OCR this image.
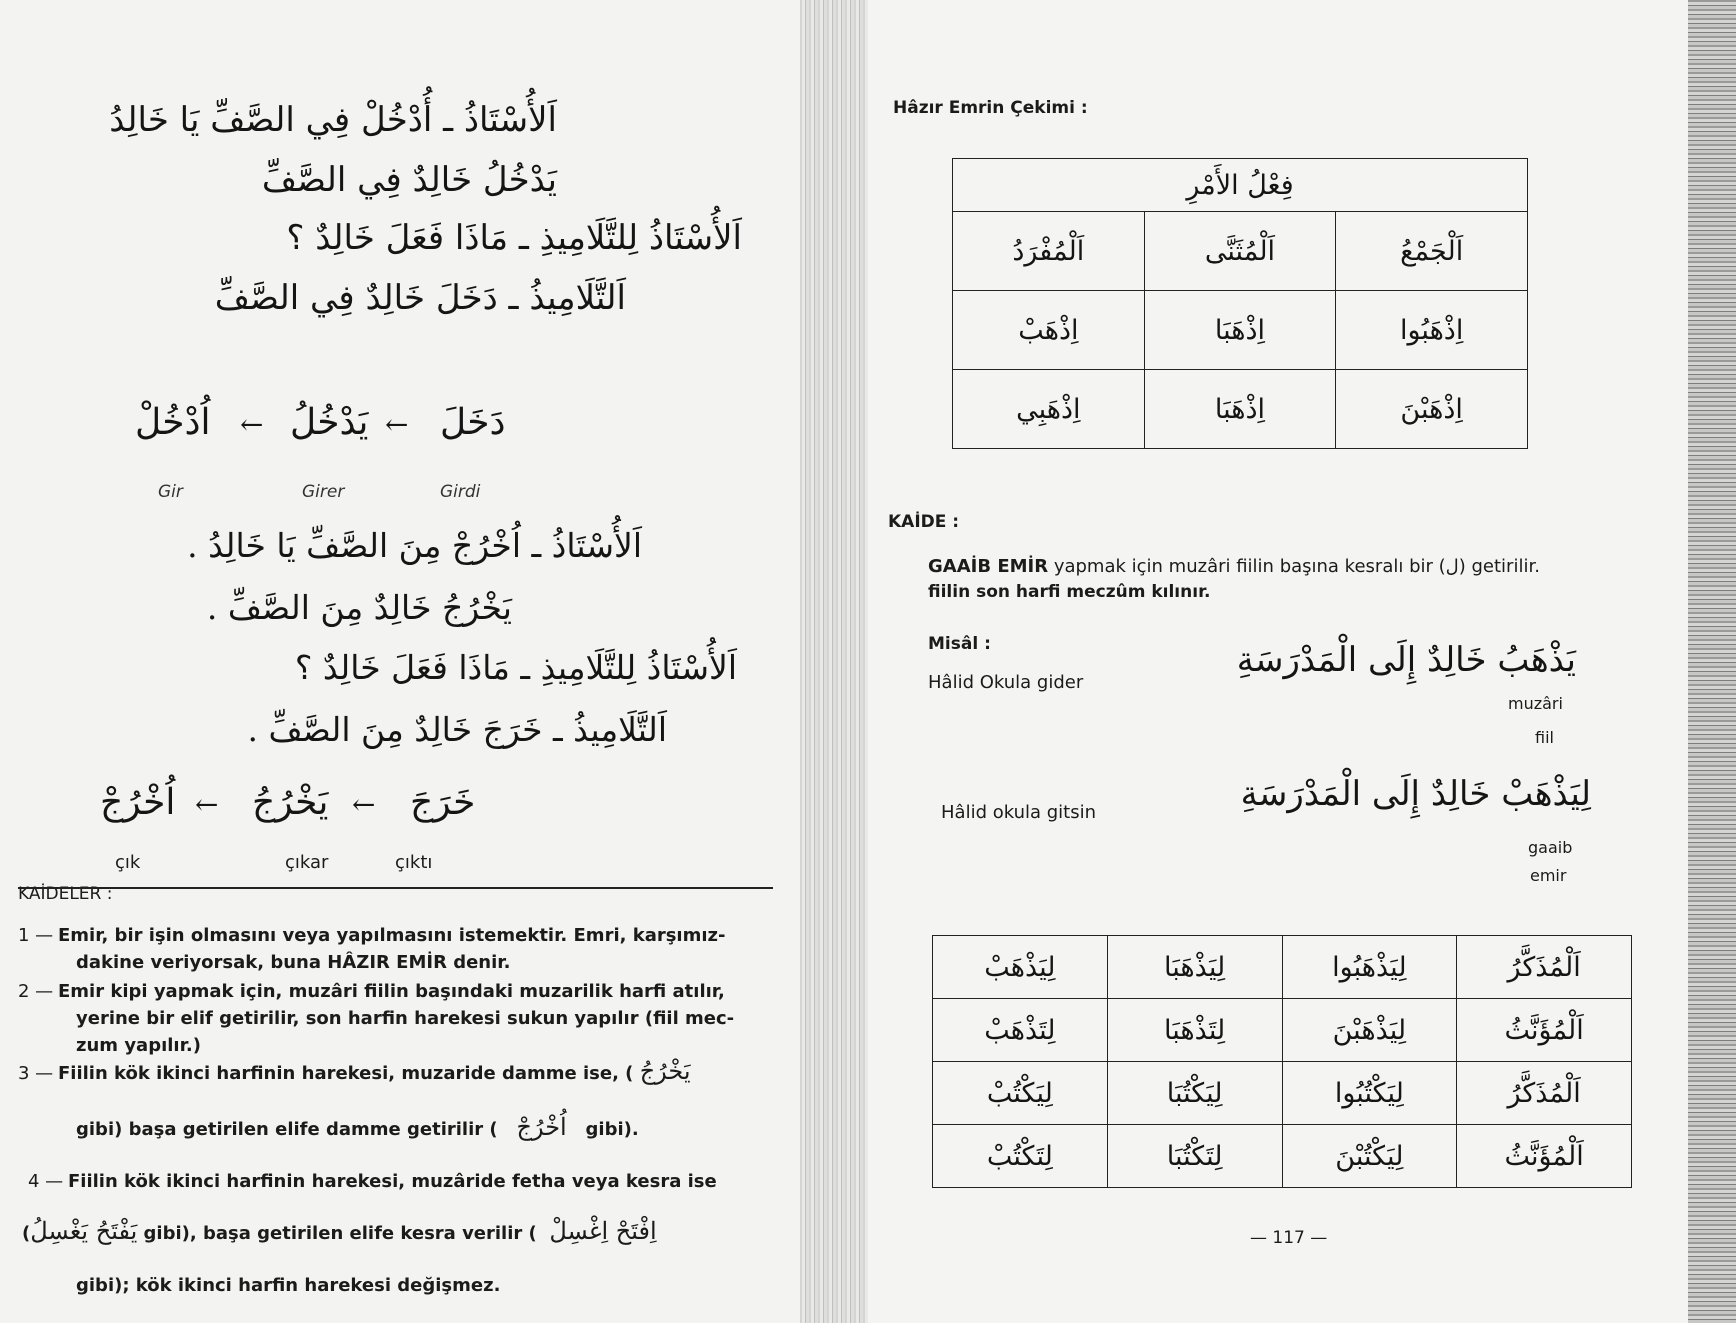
اَلأُسْتَاذُ ـ أُدْخُلْ فِي الصَّفِّ يَا خَالِدُ
يَدْخُلُ خَالِدٌ فِي الصَّفِّ
اَلأُسْتَاذُ لِلتَّلَامِيذِ ـ مَاذَا فَعَلَ خَالِدٌ ؟
اَلتَّلَامِيذُ ـ دَخَلَ خَالِدٌ فِي الصَّفِّ
دَخَلَ
←
يَدْخُلُ
←
اُدْخُلْ
Gir	Girer	Girdi
اَلأُسْتَاذُ ـ اُخْرُجْ مِنَ الصَّفِّ يَا خَالِدُ .
يَخْرُجُ خَالِدٌ مِنَ الصَّفِّ .
اَلأُسْتَاذُ لِلتَّلَامِيذِ ـ مَاذَا فَعَلَ خَالِدٌ ؟
اَلتَّلَامِيذُ ـ خَرَجَ خَالِدٌ مِنَ الصَّفِّ .
خَرَجَ
←
يَخْرُجُ
←
اُخْرُجْ
çık	çıkar	çıktı
KAİDELER :
1 — Emir, bir işin olmasını veya yapılmasını istemektir. Emri, karşımız-
dakine veriyorsak, buna HÂZIR EMİR denir.
2 — Emir kipi yapmak için, muzâri fiilin başındaki muzarilik harfi atılır,
yerine bir elif getirilir, son harfin harekesi sukun yapılır (fiil mec-
zum yapılır.)
3 — Fiilin kök ikinci harfinin harekesi, muzaride damme ise, ( يَخْرُجُ
gibi) başa getirilen elife damme getirilir ( اُخْرُجْ gibi).
4 — Fiilin kök ikinci harfinin harekesi, muzâride fetha veya kesra ise
(يَفْتَحُ يَغْسِلُ gibi), başa getirilen elife kesra verilir ( اِفْتَحْ اِغْسِلْ
gibi); kök ikinci harfin harekesi değişmez.
Hâzır Emrin Çekimi :
فِعْلُ الأَمْرِ		
اَلْمُفْرَدُ	اَلْمُثَنَّى	اَلْجَمْعُ
اِذْهَبْ	اِذْهَبَا	اِذْهَبُوا
اِذْهَبِي	اِذْهَبَا	اِذْهَبْنَ
KAİDE :
GAAİB EMİR yapmak için muzâri fiilin başına kesralı bir (ل) getirilir.
fiilin son harfi meczûm kılınır.
Misâl :
Hâlid Okula gider
يَذْهَبُ خَالِدٌ إِلَى الْمَدْرَسَةِ
muzâri
fiil
Hâlid okula gitsin	لِيَذْهَبْ خَالِدٌ إِلَى الْمَدْرَسَةِ
gaaib
emir
لِيَذْهَبْ	لِيَذْهَبَا	لِيَذْهَبُوا	اَلْمُذَكَّرُ
لِتَذْهَبْ	لِتَذْهَبَا	لِيَذْهَبْنَ	اَلْمُؤَنَّثُ
لِيَكْتُبْ	لِيَكْتُبَا	لِيَكْتُبُوا	اَلْمُذَكَّرُ
لِتَكْتُبْ	لِتَكْتُبَا	لِيَكْتُبْنَ	اَلْمُؤَنَّثُ
— 117 —
